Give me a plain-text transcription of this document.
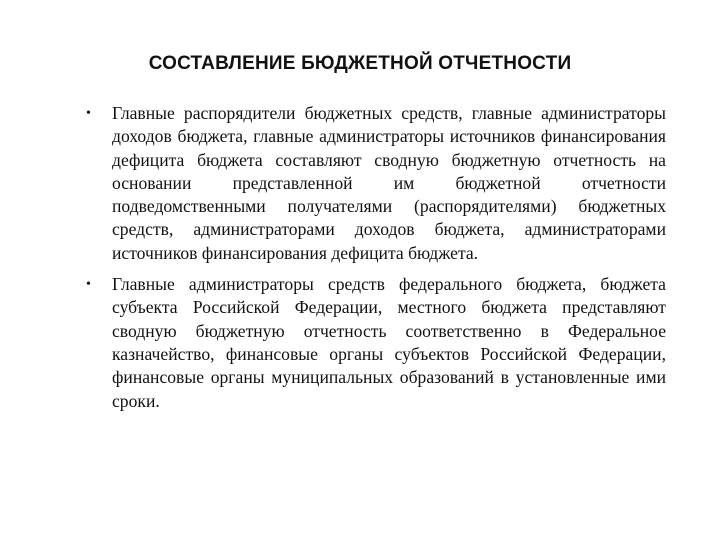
СОСТАВЛЕНИЕ БЮДЖЕТНОЙ ОТЧЕТНОСТИ
• Главные распорядители бюджетных средств, главные администраторы доходов бюджета, главные администраторы источников финансирования дефицита бюджета составляют сводную бюджетную отчетность на основании представленной им бюджетной отчетности подведомственными получателями (распорядителями) бюджетных средств, администраторами доходов бюджета, администраторами источников финансирования дефицита бюджета.
• Главные администраторы средств федерального бюджета, бюджета субъекта Российской Федерации, местного бюджета представляют сводную бюджетную отчетность соответственно в Федеральное казначейство, финансовые органы субъектов Российской Федерации, финансовые органы муниципальных образований в установленные ими сроки.
